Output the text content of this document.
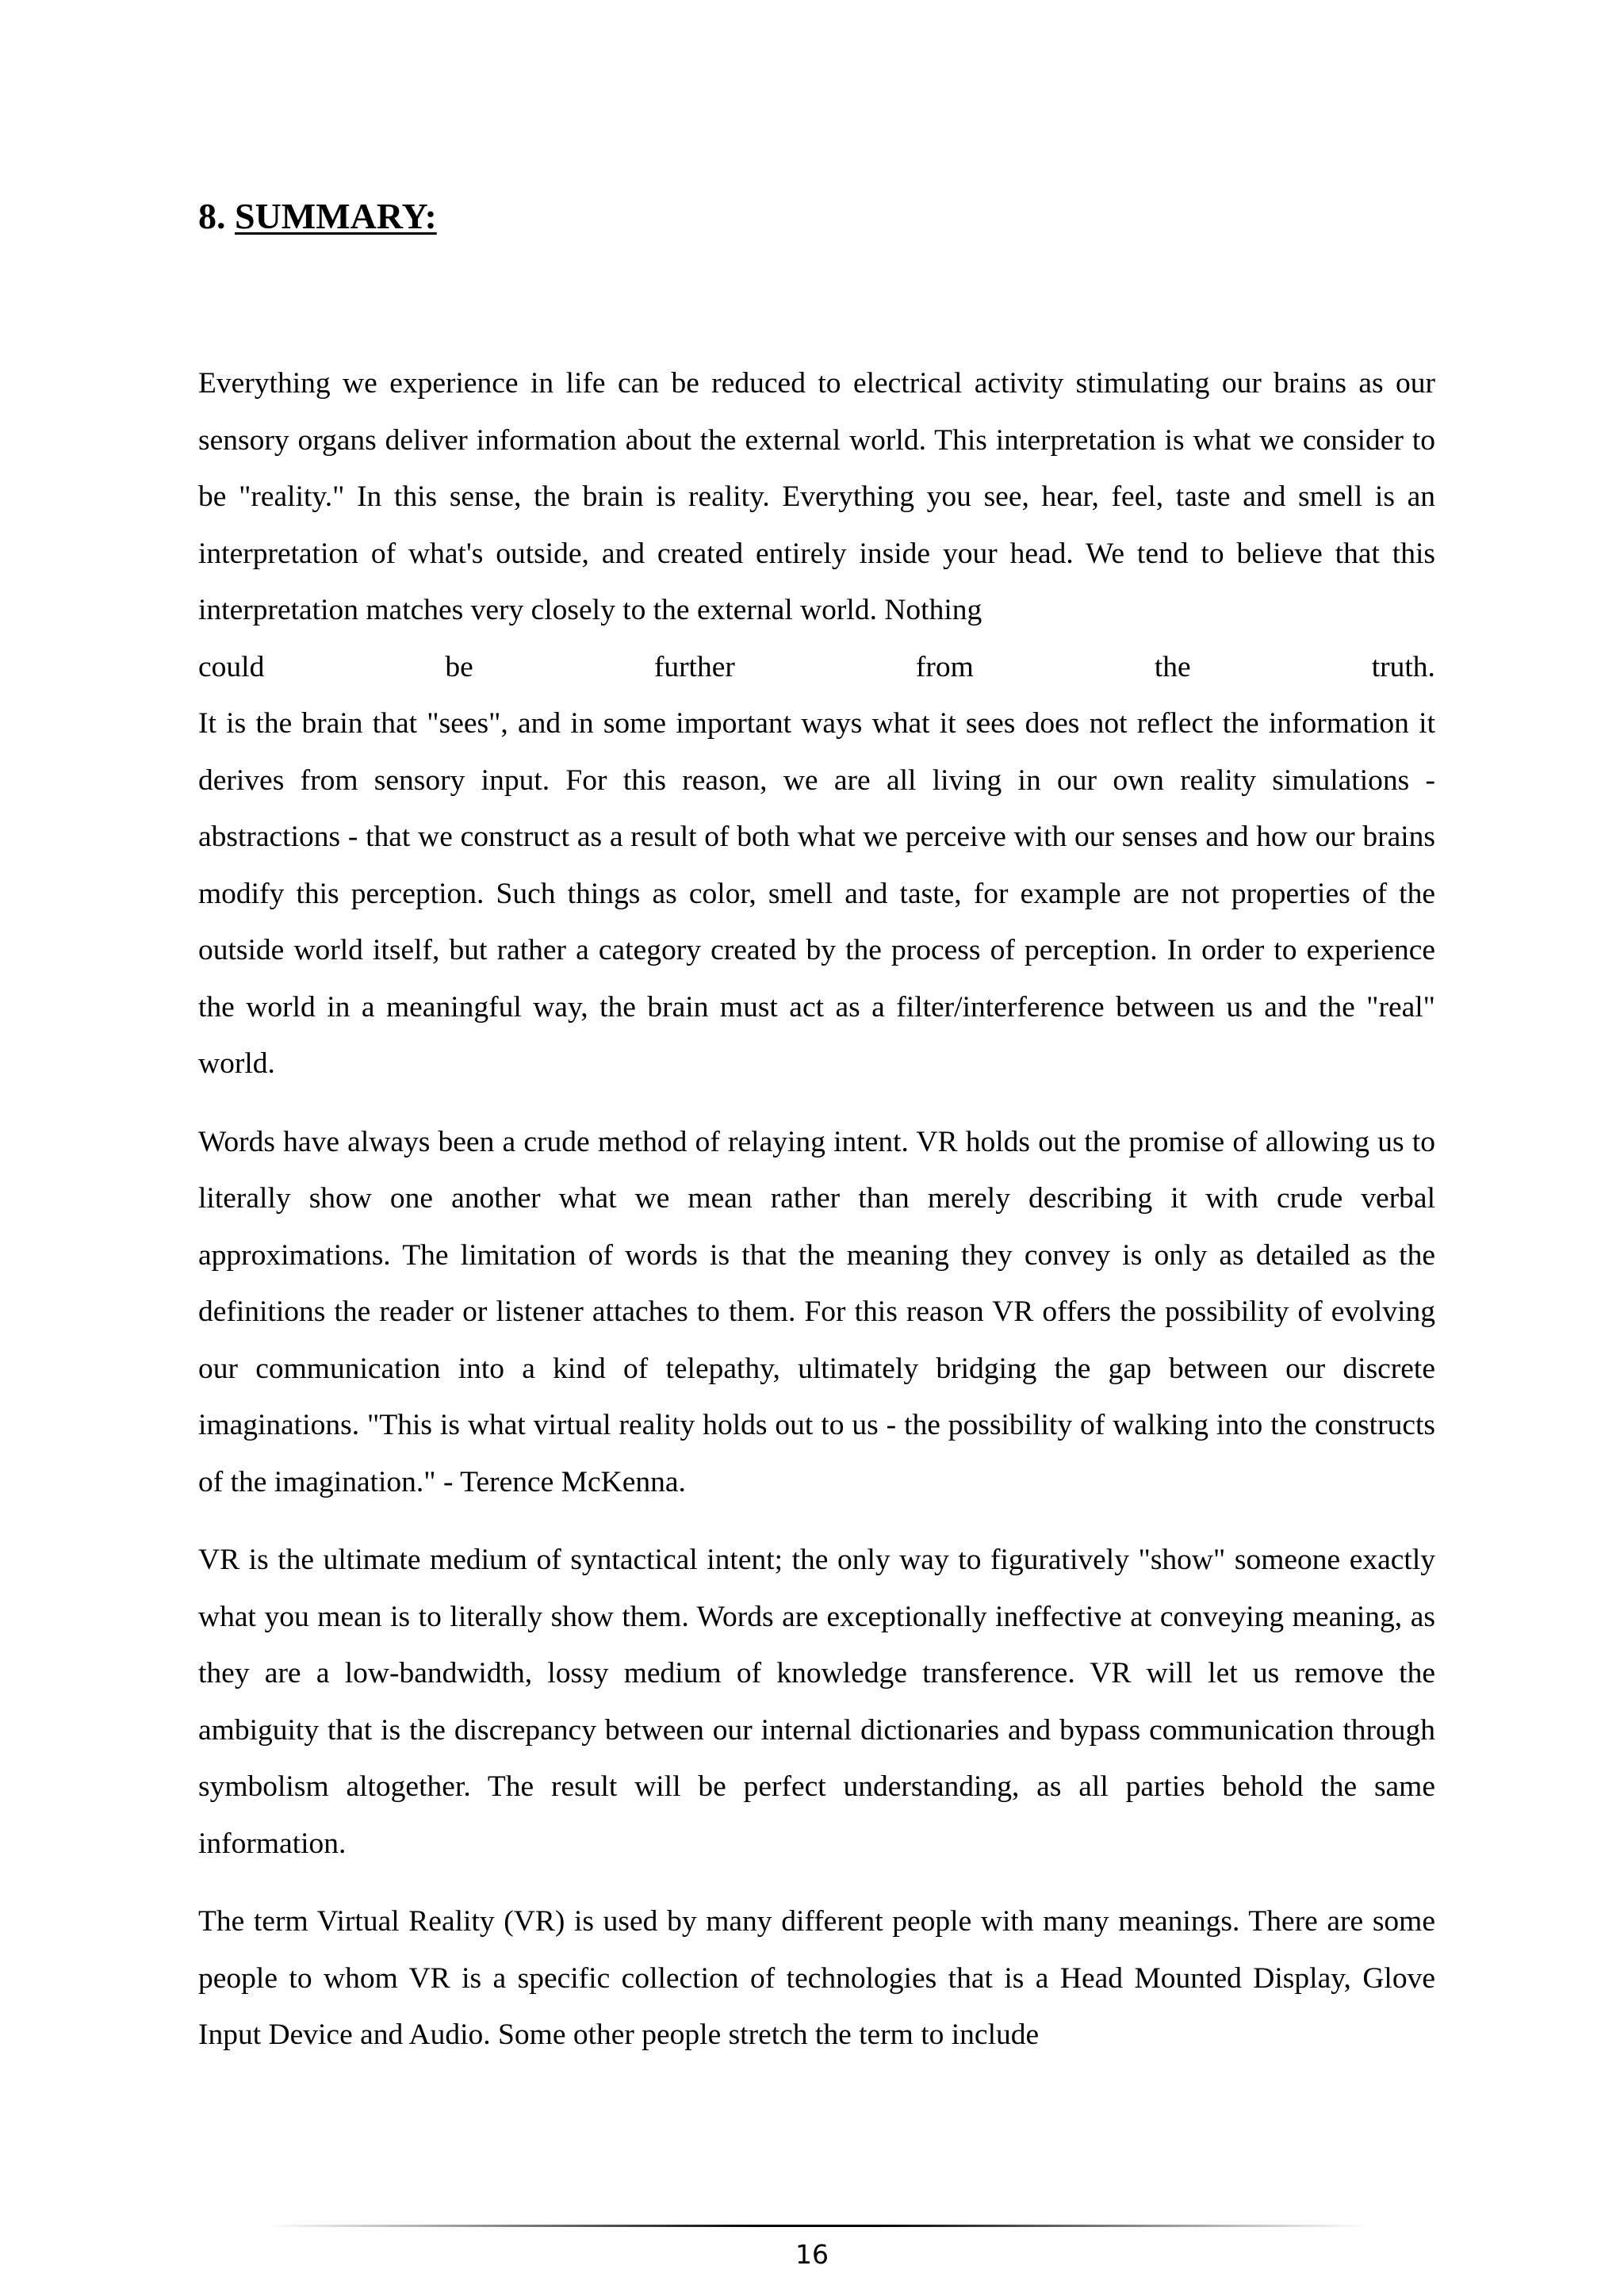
8. SUMMARY:

Everything we experience in life can be reduced to electrical activity stimulating our brains as our sensory organs deliver information about the external world. This interpretation is what we consider to be "reality." In this sense, the brain is reality. Everything you see, hear, feel, taste and smell is an interpretation of what's outside, and created entirely inside your head. We tend to believe that this interpretation matches very closely to the external world. Nothing
could	be	further	from	the	truth.
It is the brain that "sees", and in some important ways what it sees does not reflect the information it derives from sensory input. For this reason, we are all living in our own reality simulations - abstractions - that we construct as a result of both what we perceive with our senses and how our brains modify this perception. Such things as color, smell and taste, for example are not properties of the outside world itself, but rather a category created by the process of perception. In order to experience the world in a meaningful way, the brain must act as a filter/interference between us and the "real" world.

Words have always been a crude method of relaying intent. VR holds out the promise of allowing us to literally show one another what we mean rather than merely describing it with crude verbal approximations. The limitation of words is that the meaning they convey is only as detailed as the definitions the reader or listener attaches to them. For this reason VR offers the possibility of evolving our communication into a kind of telepathy, ultimately bridging the gap between our discrete imaginations. "This is what virtual reality holds out to us - the possibility of walking into the constructs of the imagination." - Terence McKenna.

VR is the ultimate medium of syntactical intent; the only way to figuratively "show" someone exactly what you mean is to literally show them. Words are exceptionally ineffective at conveying meaning, as they are a low-bandwidth, lossy medium of knowledge transference. VR will let us remove the ambiguity that is the discrepancy between our internal dictionaries and bypass communication through symbolism altogether. The result will be perfect understanding, as all parties behold the same information.

The term Virtual Reality (VR) is used by many different people with many meanings. There are some people to whom VR is a specific collection of technologies that is a Head Mounted Display, Glove Input Device and Audio. Some other people stretch the term to include

16
